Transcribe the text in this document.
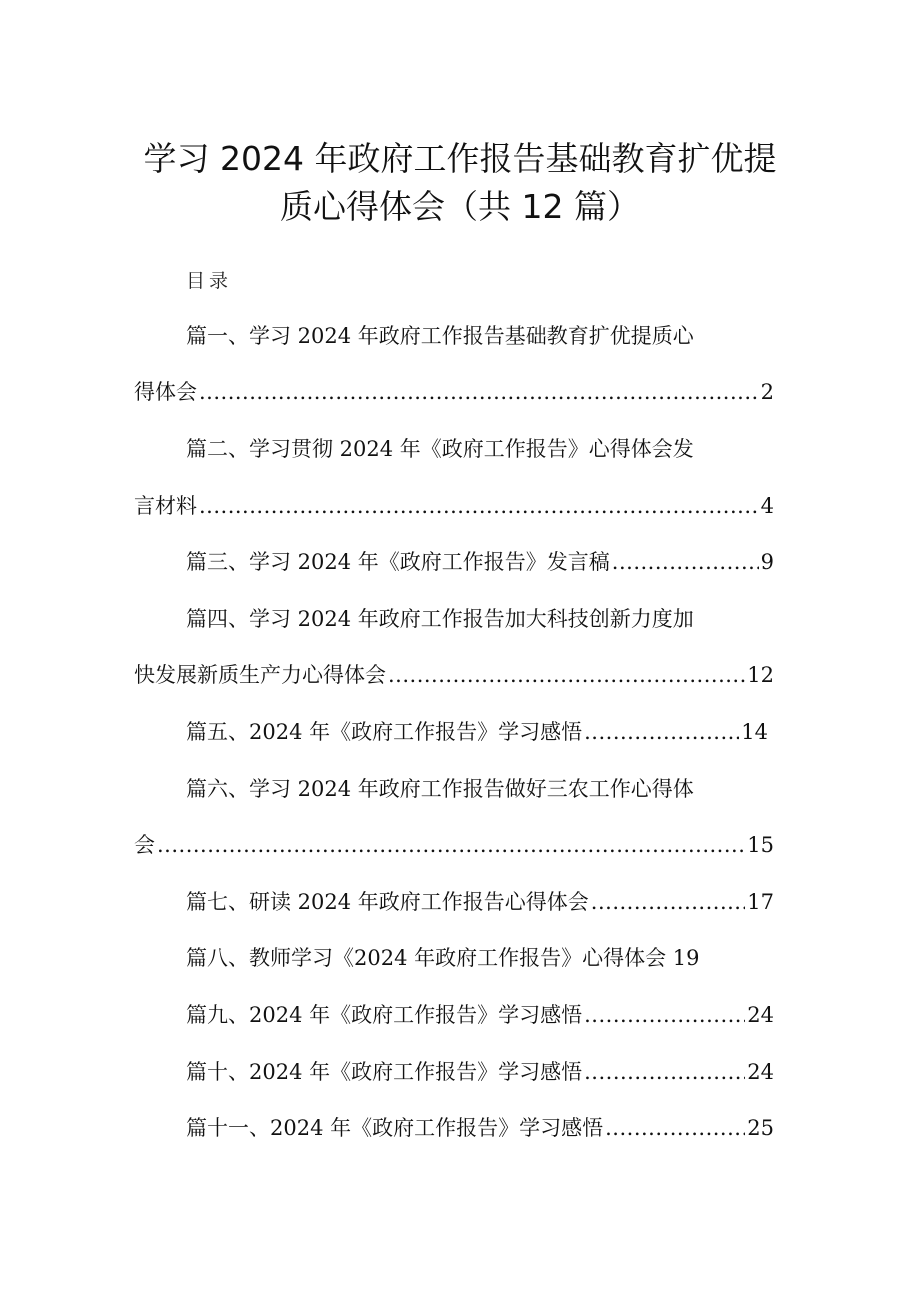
学习 2024 年政府工作报告基础教育扩优提
质心得体会（共 12 篇）
目录
篇一、学习 2024 年政府工作报告基础教育扩优提质心
得体会 .....	2
篇二、学习贯彻 2024 年《政府工作报告》心得体会发
言材料 .....	4
篇三、学习 2024 年《政府工作报告》发言稿 .....	9
篇四、学习 2024 年政府工作报告加大科技创新力度加
快发展新质生产力心得体会 .....	12
篇五、2024 年《政府工作报告》学习感悟 .....	14
篇六、学习 2024 年政府工作报告做好三农工作心得体
会 .....	15
篇七、研读 2024 年政府工作报告心得体会 .....	17
篇八、教师学习《2024 年政府工作报告》心得体会 19
篇九、2024 年《政府工作报告》学习感悟 .....	24
篇十、2024 年《政府工作报告》学习感悟 .....	24
篇十一、2024 年《政府工作报告》学习感悟 .....	25
